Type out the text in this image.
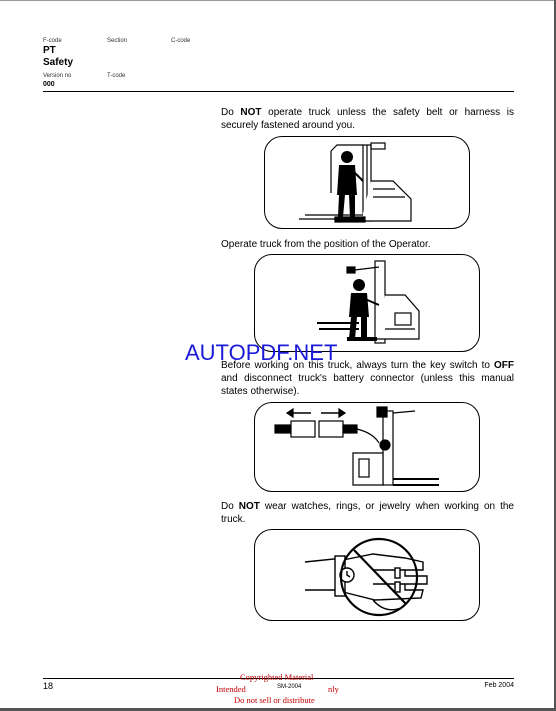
F-code	Section	C-code
PT
Safety
Version no	T-code
000
Do NOT operate truck unless the safety belt or harness is securely fastened around you.
Operate truck from the position of the Operator.
AUTOPDF.NET
Before working on this truck, always turn the key switch to OFF and disconnect truck's battery connector (unless this manual states otherwise).
Do NOT wear watches, rings, or jewelry when working on the truck.
18	Feb 2004
SM-2004
Copyrighted Material
Intended	nly
Do not sell or distribute
